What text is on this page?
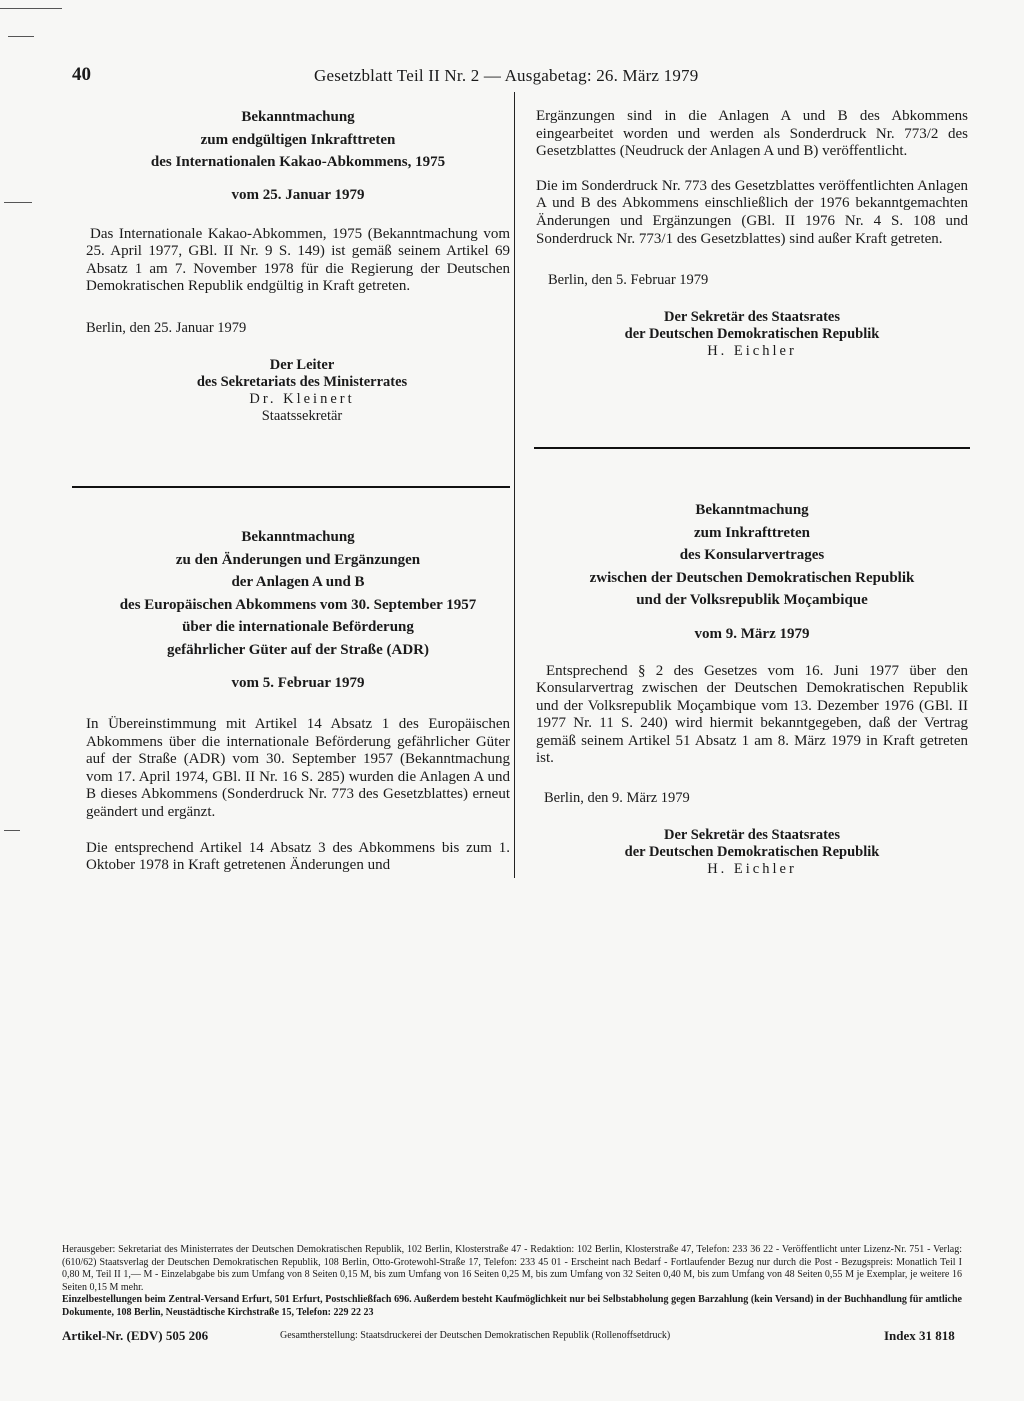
40	Gesetzblatt Teil II Nr. 2 — Ausgabetag: 26. März 1979
Bekanntmachung
zum endgültigen Inkrafttreten
des Internationalen Kakao-Abkommens, 1975
vom 25. Januar 1979

Das Internationale Kakao-Abkommen, 1975 (Bekanntmachung vom 25. April 1977, GBl. II Nr. 9 S. 149) ist gemäß seinem Artikel 69 Absatz 1 am 7. November 1978 für die Regierung der Deutschen Demokratischen Republik endgültig in Kraft getreten.

Berlin, den 25. Januar 1979
Der Leiter
des Sekretariats des Ministerrates
Dr. Kleinert
Staatssekretär
Bekanntmachung
zu den Änderungen und Ergänzungen
der Anlagen A und B
des Europäischen Abkommens vom 30. September 1957
über die internationale Beförderung
gefährlicher Güter auf der Straße (ADR)
vom 5. Februar 1979

In Übereinstimmung mit Artikel 14 Absatz 1 des Europäischen Abkommens über die internationale Beförderung gefährlicher Güter auf der Straße (ADR) vom 30. September 1957 (Bekanntmachung vom 17. April 1974, GBl. II Nr. 16 S. 285) wurden die Anlagen A und B dieses Abkommens (Sonderdruck Nr. 773 des Gesetzblattes) erneut geändert und ergänzt.

Die entsprechend Artikel 14 Absatz 3 des Abkommens bis zum 1. Oktober 1978 in Kraft getretenen Änderungen und

Ergänzungen sind in die Anlagen A und B des Abkommens eingearbeitet worden und werden als Sonderdruck Nr. 773/2 des Gesetzblattes (Neudruck der Anlagen A und B) veröffentlicht.

Die im Sonderdruck Nr. 773 des Gesetzblattes veröffentlichten Anlagen A und B des Abkommens einschließlich der 1976 bekanntgemachten Änderungen und Ergänzungen (GBl. II 1976 Nr. 4 S. 108 und Sonderdruck Nr. 773/1 des Gesetzblattes) sind außer Kraft getreten.

Berlin, den 5. Februar 1979
Der Sekretär des Staatsrates
der Deutschen Demokratischen Republik
H. Eichler
Bekanntmachung
zum Inkrafttreten
des Konsularvertrages
zwischen der Deutschen Demokratischen Republik
und der Volksrepublik Moçambique
vom 9. März 1979

Entsprechend § 2 des Gesetzes vom 16. Juni 1977 über den Konsularvertrag zwischen der Deutschen Demokratischen Republik und der Volksrepublik Moçambique vom 13. Dezember 1976 (GBl. II 1977 Nr. 11 S. 240) wird hiermit bekanntgegeben, daß der Vertrag gemäß seinem Artikel 51 Absatz 1 am 8. März 1979 in Kraft getreten ist.

Berlin, den 9. März 1979
Der Sekretär des Staatsrates
der Deutschen Demokratischen Republik
H. Eichler

Herausgeber: Sekretariat des Ministerrates der Deutschen Demokratischen Republik, 102 Berlin, Klosterstraße 47 - Redaktion: 102 Berlin, Klosterstraße 47, Telefon: 233 36 22 - Veröffentlicht unter Lizenz-Nr. 751 - Verlag: (610/62) Staatsverlag der Deutschen Demokratischen Republik, 108 Berlin, Otto-Grotewohl-Straße 17, Telefon: 233 45 01 - Erscheint nach Bedarf - Fortlaufender Bezug nur durch die Post - Bezugspreis: Monatlich Teil I 0,80 M, Teil II 1,— M - Einzelabgabe bis zum Umfang von 8 Seiten 0,15 M, bis zum Umfang von 16 Seiten 0,25 M, bis zum Umfang von 32 Seiten 0,40 M, bis zum Umfang von 48 Seiten 0,55 M je Exemplar, je weitere 16 Seiten 0,15 M mehr.

Einzelbestellungen beim Zentral-Versand Erfurt, 501 Erfurt, Postschließfach 696. Außerdem besteht Kaufmöglichkeit nur bei Selbstabholung gegen Barzahlung (kein Versand) in der Buchhandlung für amtliche Dokumente, 108 Berlin, Neustädtische Kirchstraße 15, Telefon: 229 22 23

Artikel-Nr. (EDV) 505 206	Gesamtherstellung: Staatsdruckerei der Deutschen Demokratischen Republik (Rollenoffsetdruck)	Index 31 818
